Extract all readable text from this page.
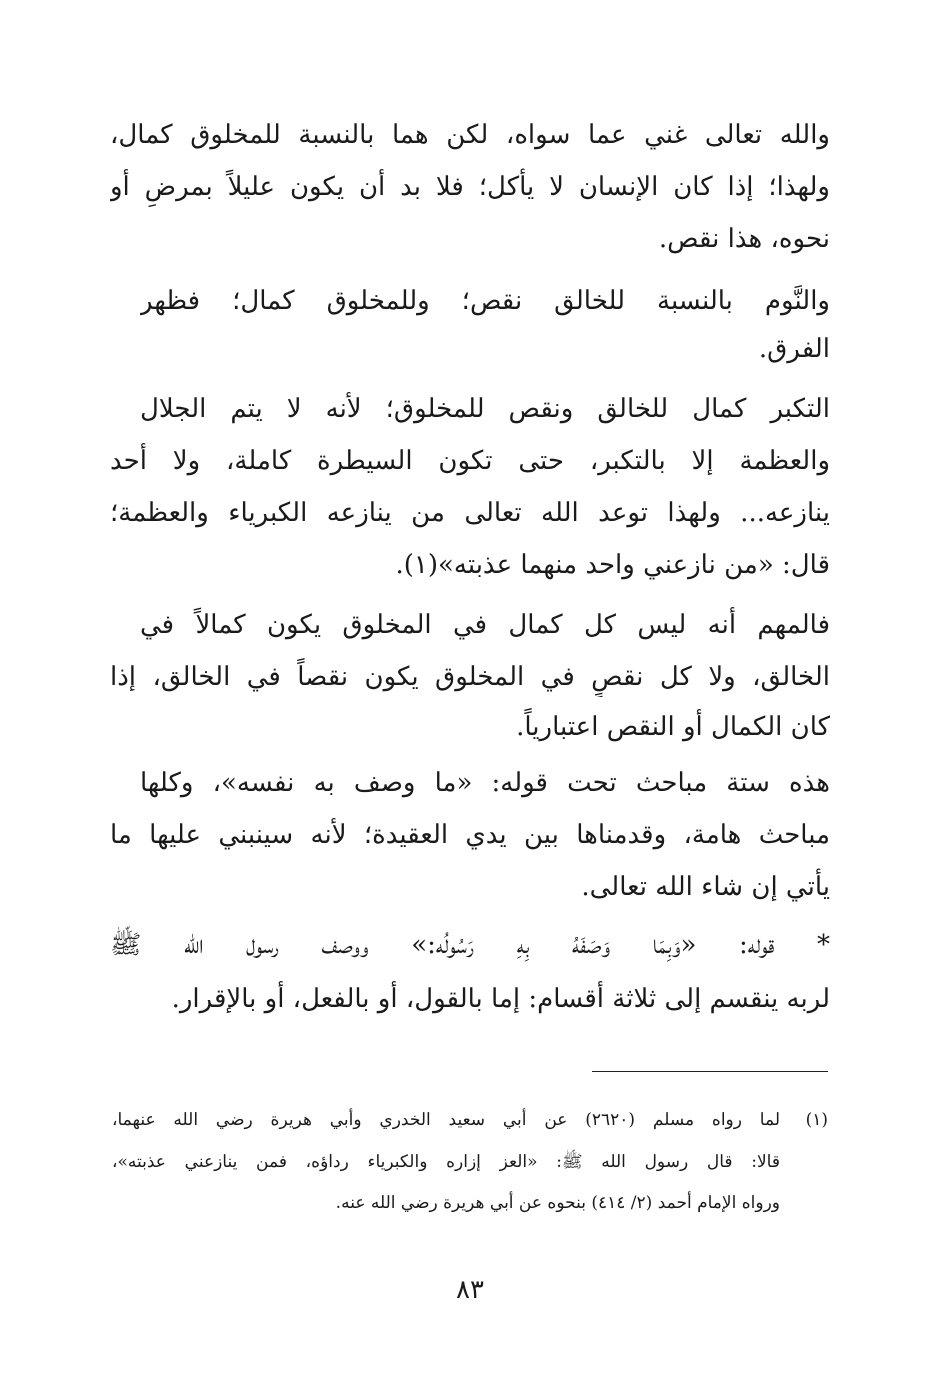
والله تعالى غني عما سواه، لكن هما بالنسبة للمخلوق كمال،
ولهذا؛ إذا كان الإنسان لا يأكل؛ فلا بد أن يكون عليلاً بمرضٍ أو
نحوه، هذا نقص.
والنَّوم بالنسبة للخالق نقص؛ وللمخلوق كمال؛ فظهر
الفرق.
التكبر كمال للخالق ونقص للمخلوق؛ لأنه لا يتم الجلال
والعظمة إلا بالتكبر، حتى تكون السيطرة كاملة، ولا أحد
ينازعه... ولهذا توعد الله تعالى من ينازعه الكبرياء والعظمة؛
قال: «من نازعني واحد منهما عذبته»(١).
فالمهم أنه ليس كل كمال في المخلوق يكون كمالاً في
الخالق، ولا كل نقصٍ في المخلوق يكون نقصاً في الخالق، إذا
كان الكمال أو النقص اعتبارياً.
هذه ستة مباحث تحت قوله: «ما وصف به نفسه»، وكلها
مباحث هامة، وقدمناها بين يدي العقيدة؛ لأنه سينبني عليها ما
يأتي إن شاء الله تعالى.
* قوله: «وَبِمَا وَصَفَهُ بِهِ رَسُولُه:» ووصف رسول الله ﷺ
لربه ينقسم إلى ثلاثة أقسام: إما بالقول، أو بالفعل، أو بالإقرار.
(١)
لما رواه مسلم (٢٦٢٠) عن أبي سعيد الخدري وأبي هريرة رضي الله عنهما،
قالا: قال رسول الله ﷺ: «العز إزاره والكبرياء رداؤه، فمن ينازعني عذبته»،
ورواه الإمام أحمد (٢/ ٤١٤) بنحوه عن أبي هريرة رضي الله عنه.
٨٣
